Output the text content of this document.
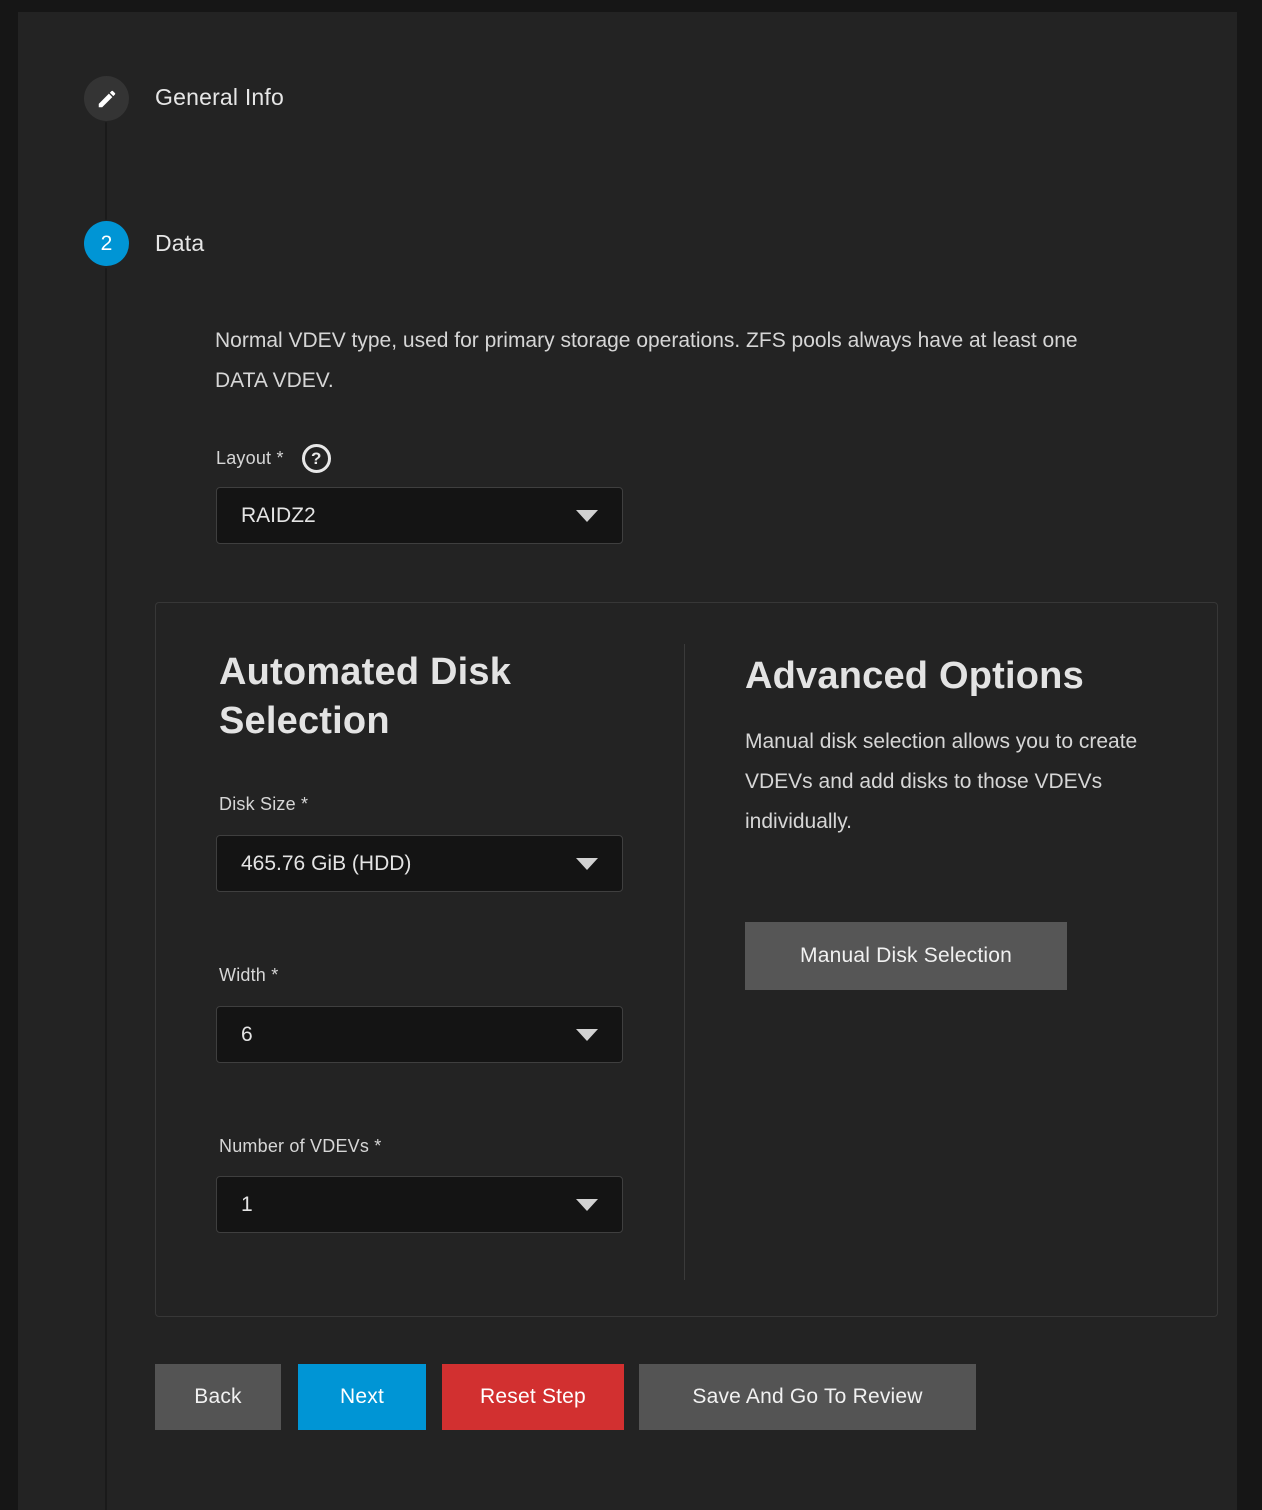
General Info
2 Data

Normal VDEV type, used for primary storage operations. ZFS pools always have at least one DATA VDEV.

Layout *	?
RAIDZ2
Automated Disk Selection
Disk Size *
465.76 GiB (HDD)
Width *
6
Number of VDEVs *
1
Advanced Options

Manual disk selection allows you to create VDEVs and add disks to those VDEVs individually.

Manual Disk Selection
Back	Next	Reset Step	Save And Go To Review
